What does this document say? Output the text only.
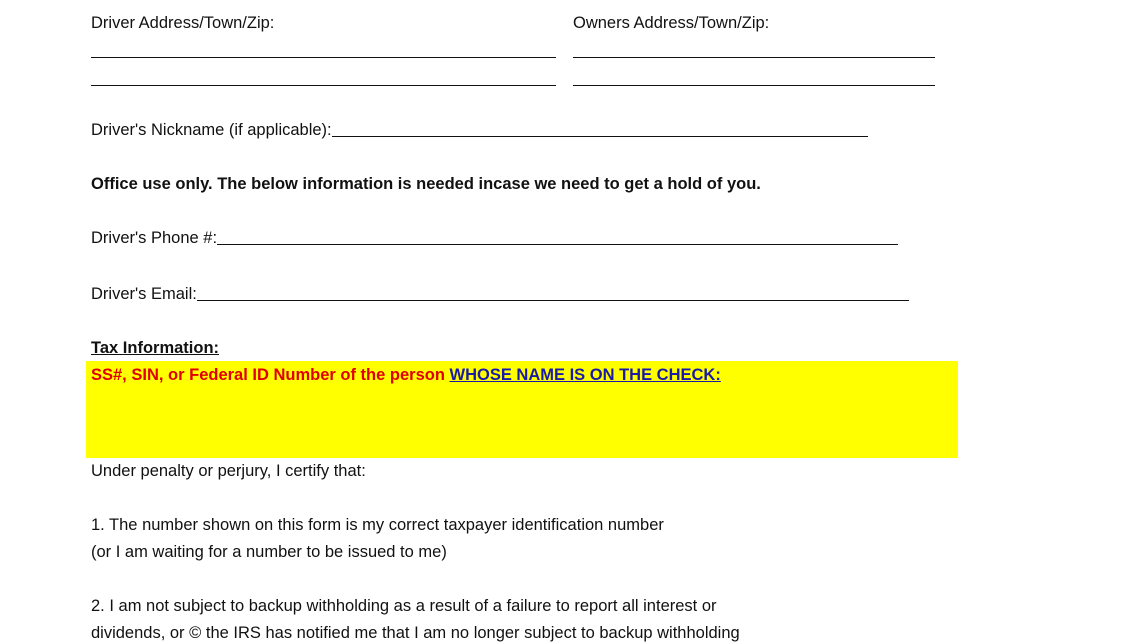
Driver Address/Town/Zip:	Owners Address/Town/Zip:
Driver's Nickname (if applicable):
Office use only. The below information is needed incase we need to get a hold of you.
Driver's Phone #:
Driver's Email:
Tax Information:
SS#, SIN, or Federal ID Number of the person WHOSE NAME IS ON THE CHECK:
Under penalty or perjury, I certify that:
1. The number shown on this form is my correct taxpayer identification number
(or I am waiting for a number to be issued to me)
2. I am not subject to backup withholding as a result of a failure to report all interest or
dividends, or © the IRS has notified me that I am no longer subject to backup withholding
